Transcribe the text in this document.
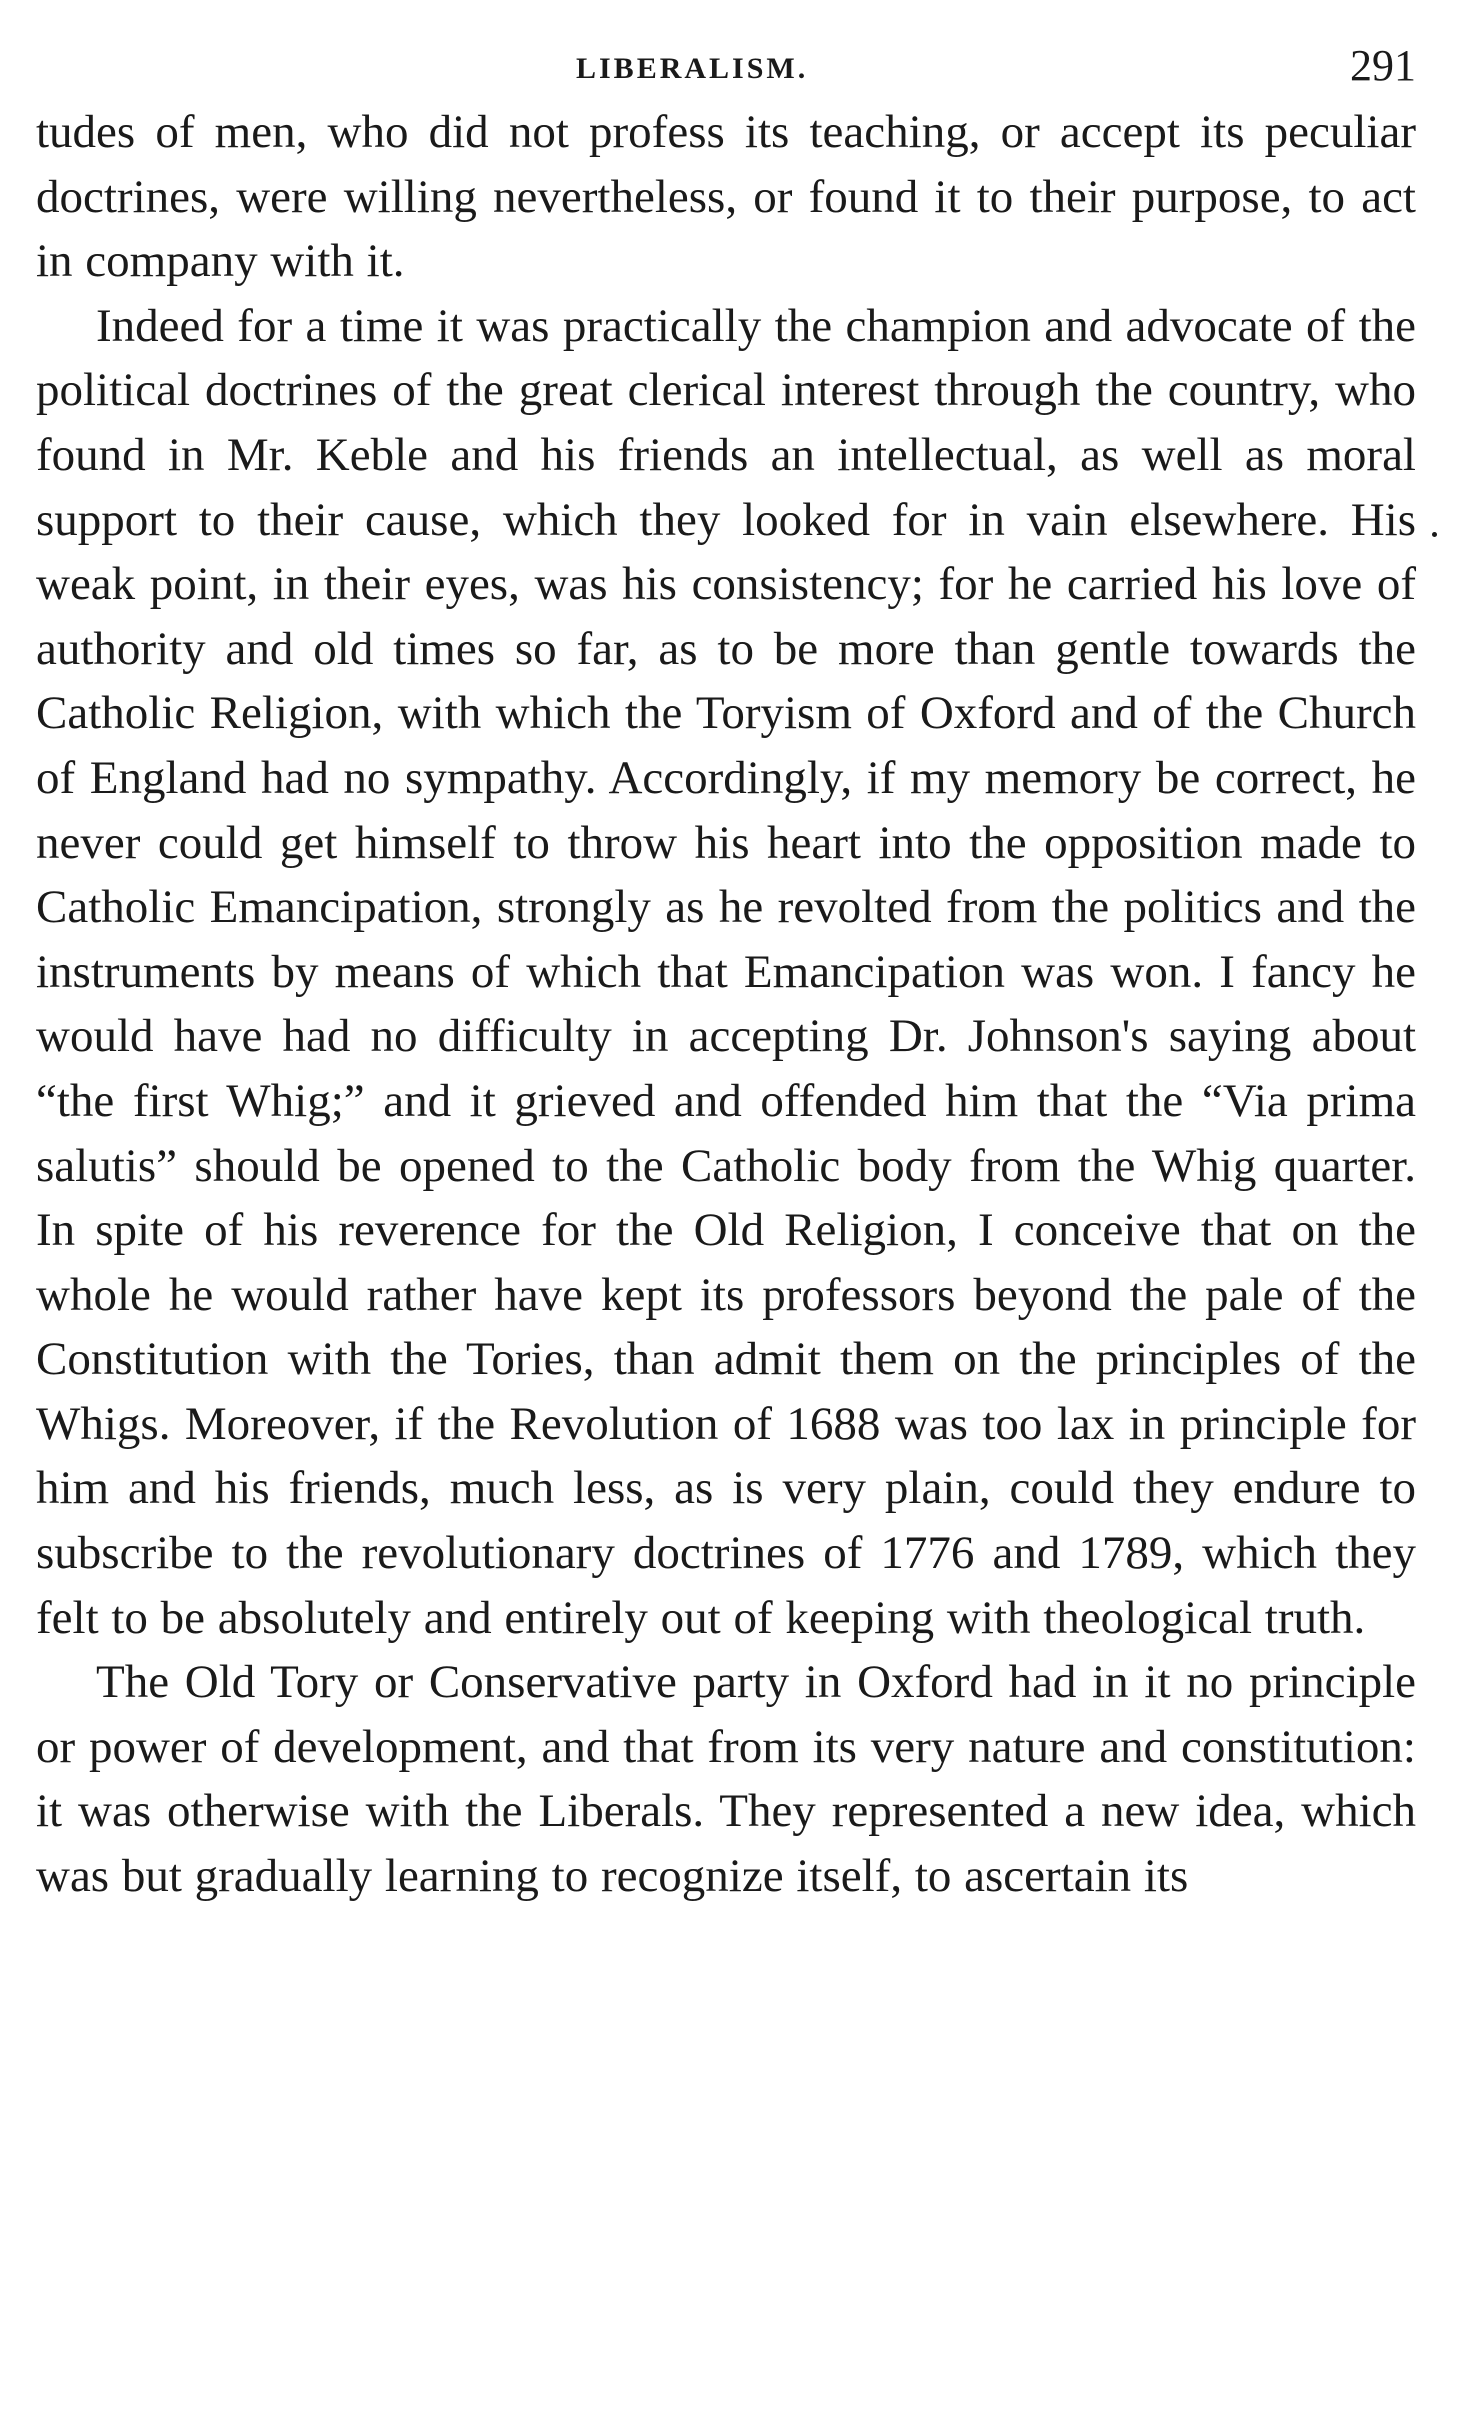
LIBERALISM.	291

tudes of men, who did not profess its teaching, or accept its peculiar doctrines, were willing nevertheless, or found it to their purpose, to act in company with it.

Indeed for a time it was practically the champion and advocate of the political doctrines of the great clerical interest through the country, who found in Mr. Keble and his friends an intellectual, as well as moral support to their cause, which they looked for in vain elsewhere. His weak point, in their eyes, was his consistency; for he carried his love of authority and old times so far, as to be more than gentle towards the Catholic Religion, with which the Toryism of Oxford and of the Church of England had no sympathy. Accordingly, if my memory be correct, he never could get himself to throw his heart into the opposition made to Catholic Emancipation, strongly as he revolted from the politics and the instruments by means of which that Emancipation was won. I fancy he would have had no difficulty in accepting Dr. Johnson's saying about “the first Whig;” and it grieved and offended him that the “Via prima salutis” should be opened to the Catholic body from the Whig quarter. In spite of his reverence for the Old Religion, I conceive that on the whole he would rather have kept its professors beyond the pale of the Constitution with the Tories, than admit them on the principles of the Whigs. Moreover, if the Revolution of 1688 was too lax in principle for him and his friends, much less, as is very plain, could they endure to subscribe to the revolutionary doctrines of 1776 and 1789, which they felt to be absolutely and entirely out of keeping with theological truth.

The Old Tory or Conservative party in Oxford had in it no principle or power of development, and that from its very nature and constitution: it was otherwise with the Liberals. They represented a new idea, which was but gradually learning to recognize itself, to ascertain its
